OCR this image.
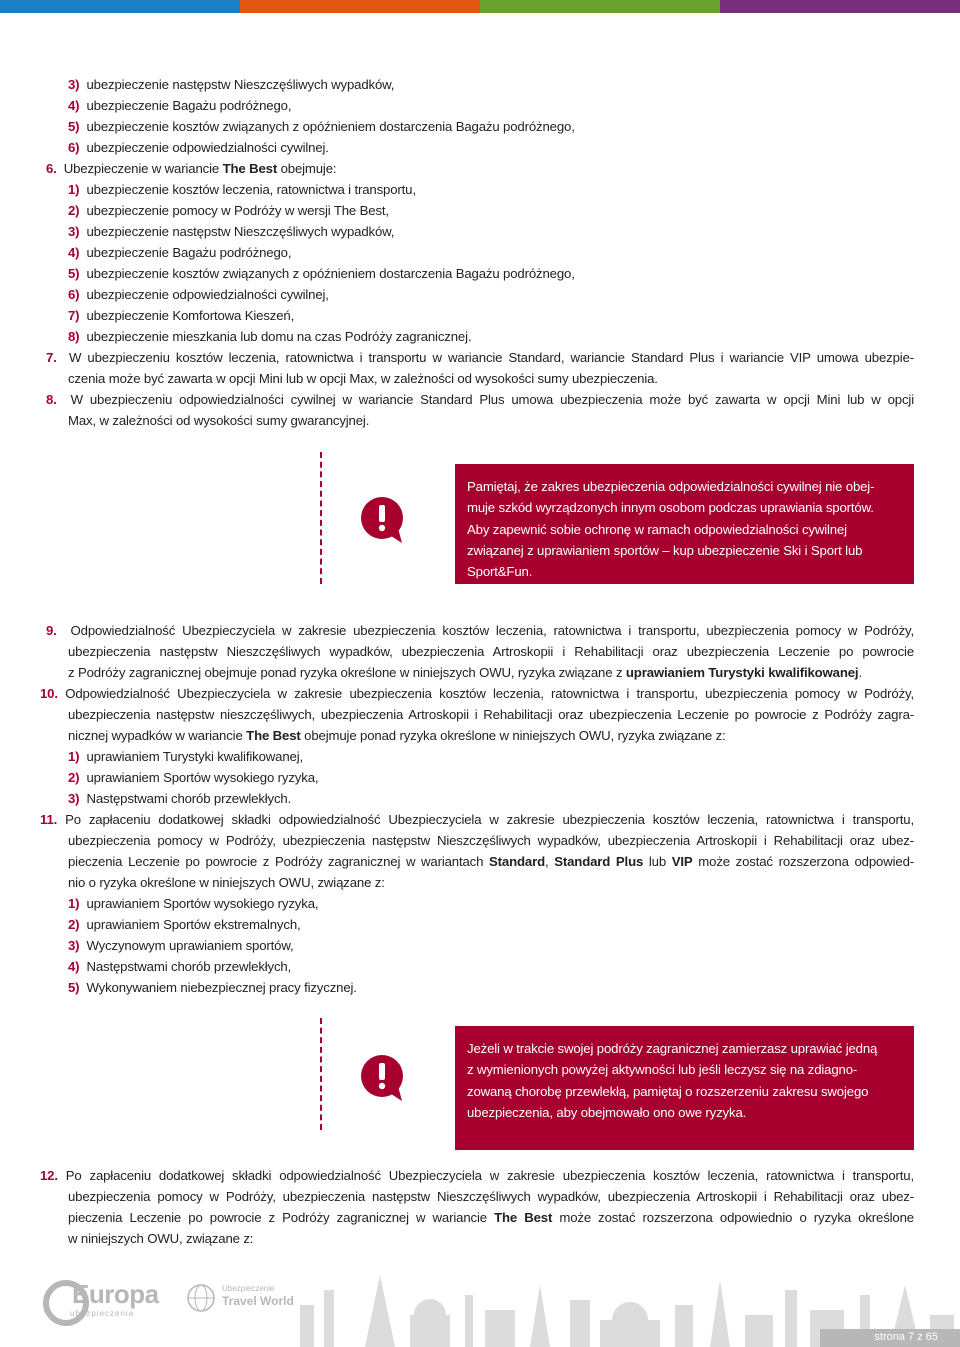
3)  ubezpieczenie następstw Nieszczęśliwych wypadków,
4)  ubezpieczenie Bagażu podróżnego,
5)  ubezpieczenie kosztów związanych z opóźnieniem dostarczenia Bagażu podróżnego,
6)  ubezpieczenie odpowiedzialności cywilnej.
6.  Ubezpieczenie w wariancie The Best obejmuje:
1)  ubezpieczenie kosztów leczenia, ratownictwa i transportu,
2)  ubezpieczenie pomocy w Podróży w wersji The Best,
3)  ubezpieczenie następstw Nieszczęśliwych wypadków,
4)  ubezpieczenie Bagażu podróżnego,
5)  ubezpieczenie kosztów związanych z opóźnieniem dostarczenia Bagażu podróżnego,
6)  ubezpieczenie odpowiedzialności cywilnej,
7)  ubezpieczenie Komfortowa Kieszeń,
8)  ubezpieczenie mieszkania lub domu na czas Podróży zagranicznej.
7.  W ubezpieczeniu kosztów leczenia, ratownictwa i transportu w wariancie Standard, wariancie Standard Plus i wariancie VIP umowa ubezpie-
czenia może być zawarta w opcji Mini lub w opcji Max, w zależności od wysokości sumy ubezpieczenia.
8.  W ubezpieczeniu odpowiedzialności cywilnej w wariancie Standard Plus umowa ubezpieczenia może być zawarta w opcji Mini lub w opcji
Max, w zależności od wysokości sumy gwarancyjnej.
9.  Odpowiedzialność Ubezpieczyciela w zakresie ubezpieczenia kosztów leczenia, ratownictwa i transportu, ubezpieczenia pomocy w Podróży,
ubezpieczenia następstw Nieszczęśliwych wypadków, ubezpieczenia Artroskopii i Rehabilitacji oraz ubezpieczenia Leczenie po powrocie
z Podróży zagranicznej obejmuje ponad ryzyka określone w niniejszych OWU, ryzyka związane z uprawianiem Turystyki kwalifikowanej.
10. Odpowiedzialność Ubezpieczyciela w zakresie ubezpieczenia kosztów leczenia, ratownictwa i transportu, ubezpieczenia pomocy w Podróży,
ubezpieczenia następstw nieszczęśliwych, ubezpieczenia Artroskopii i Rehabilitacji oraz ubezpieczenia Leczenie po powrocie z Podróży zagra-
nicznej wypadków w wariancie The Best obejmuje ponad ryzyka określone w niniejszych OWU, ryzyka związane z:
1)  uprawianiem Turystyki kwalifikowanej,
2)  uprawianiem Sportów wysokiego ryzyka,
3)  Następstwami chorób przewlekłych.
11. Po zapłaceniu dodatkowej składki odpowiedzialność Ubezpieczyciela w zakresie ubezpieczenia kosztów leczenia, ratownictwa i transportu,
ubezpieczenia pomocy w Podróży, ubezpieczenia następstw Nieszczęśliwych wypadków, ubezpieczenia Artroskopii i Rehabilitacji oraz ubez-
pieczenia Leczenie po powrocie z Podróży zagranicznej w wariantach Standard, Standard Plus lub VIP może zostać rozszerzona odpowied-
nio o ryzyka określone w niniejszych OWU, związane z:
1)  uprawianiem Sportów wysokiego ryzyka,
2)  uprawianiem Sportów ekstremalnych,
3)  Wyczynowym uprawianiem sportów,
4)  Następstwami chorób przewlekłych,
5)  Wykonywaniem niebezpiecznej pracy fizycznej.
12. Po zapłaceniu dodatkowej składki odpowiedzialność Ubezpieczyciela w zakresie ubezpieczenia kosztów leczenia, ratownictwa i transportu,
ubezpieczenia pomocy w Podróży, ubezpieczenia następstw Nieszczęśliwych wypadków, ubezpieczenia Artroskopii i Rehabilitacji oraz ubez-
pieczenia Leczenie po powrocie z Podróży zagranicznej w wariancie The Best może zostać rozszerzona odpowiednio o ryzyka określone
w niniejszych OWU, związane z:
Pamiętaj, że zakres ubezpieczenia odpowiedzialności cywilnej nie obej-
muje szkód wyrządzonych innym osobom podczas uprawiania sportów.
Aby zapewnić sobie ochronę w ramach odpowiedzialności cywilnej
związanej z uprawianiem sportów – kup ubezpieczenie Ski i Sport lub
Sport&Fun.
Jeżeli w trakcie swojej podróży zagranicznej zamierzasz uprawiać jedną
z wymienionych powyżej aktywności lub jeśli leczysz się na zdiagno-
zowaną chorobę przewlekłą, pamiętaj o rozszerzeniu zakresu swojego
ubezpieczenia, aby obejmowało ono owe ryzyka.
Europa
ubezpieczenia
Ubezpieczenie
Travel World
strona 7 z 65
